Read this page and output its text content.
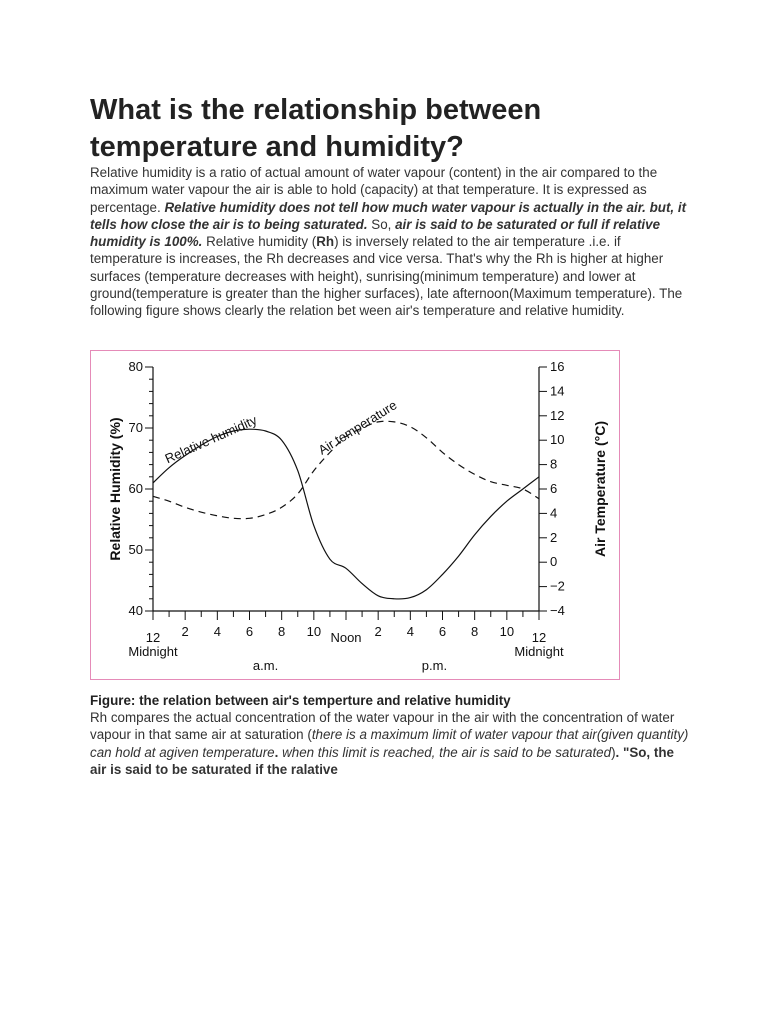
What is the relationship between temperature and humidity?

Relative humidity is a ratio of actual amount of water vapour (content) in the air compared to the maximum water vapour the air is able to hold (capacity) at that temperature. It is expressed as percentage. Relative humidity does not tell how much water vapour is actually in the air. but, it tells how close the air is to being saturated. So, air is said to be saturated or full if relative humidity is 100%. Relative humidity (Rh) is inversely related to the air temperature .i.e. if temperature is increases, the Rh decreases and vice versa. That's why the Rh is higher at higher surfaces (temperature decreases with height), sunrising(minimum temperature) and lower at ground(temperature is greater than the higher surfaces), late afternoon(Maximum temperature). The following figure shows clearly the relation bet ween air's temperature and relative humidity.

40
50
60
70
80
−4
−2
0
2
4
6
8
10
12
14
16
12 2 4 6 8 10 Noon 2 4 6 8 10 12
Midnight	Midnight
a.m.	p.m.
Relative Humidity (%)	Air Temperature (°C)
Relative humidity	Air temperature

Figure: the relation between air's temperture and relative humidity

Rh compares the actual concentration of the water vapour in the air with the concentration of water vapour in that same air at saturation (there is a maximum limit of water vapour that air(given quantity) can hold at agiven temperature. when this limit is reached, the air is said to be saturated). "So, the air is said to be saturated if the ralative
